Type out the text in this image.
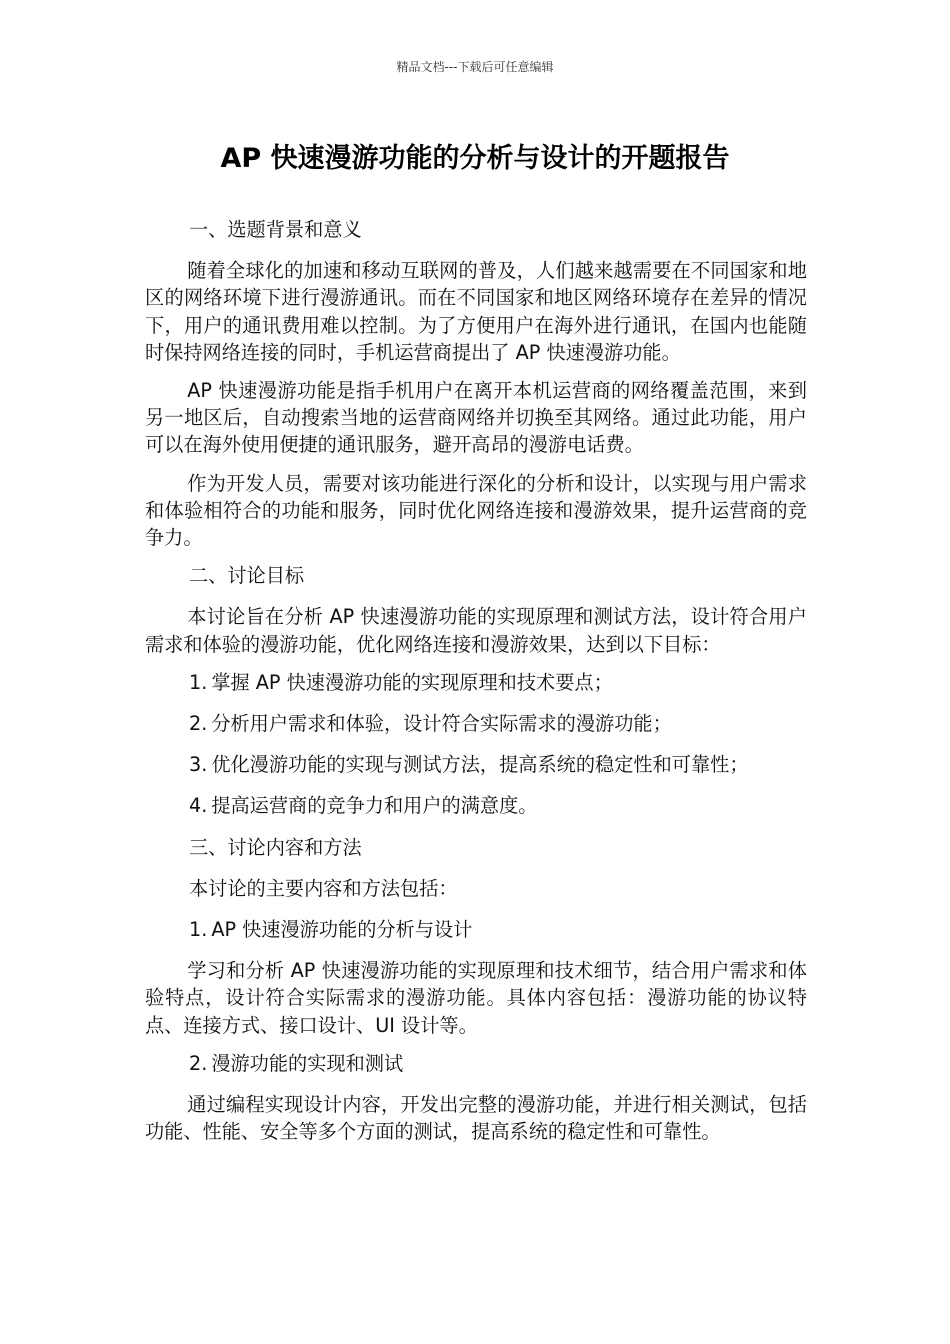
精品文档---下载后可任意编辑
AP 快速漫游功能的分析与设计的开题报告
一、选题背景和意义
随着全球化的加速和移动互联网的普及，人们越来越需要在不同国家和地区的网络环境下进行漫游通讯。而在不同国家和地区网络环境存在差异的情况下，用户的通讯费用难以控制。为了方便用户在海外进行通讯，在国内也能随时保持网络连接的同时，手机运营商提出了 AP 快速漫游功能。
AP 快速漫游功能是指手机用户在离开本机运营商的网络覆盖范围，来到另一地区后，自动搜索当地的运营商网络并切换至其网络。通过此功能，用户可以在海外使用便捷的通讯服务，避开高昂的漫游电话费。
作为开发人员，需要对该功能进行深化的分析和设计，以实现与用户需求和体验相符合的功能和服务，同时优化网络连接和漫游效果，提升运营商的竞争力。
二、讨论目标
本讨论旨在分析 AP 快速漫游功能的实现原理和测试方法，设计符合用户需求和体验的漫游功能，优化网络连接和漫游效果，达到以下目标：
1. 掌握 AP 快速漫游功能的实现原理和技术要点；
2. 分析用户需求和体验，设计符合实际需求的漫游功能；
3. 优化漫游功能的实现与测试方法，提高系统的稳定性和可靠性；
4. 提高运营商的竞争力和用户的满意度。
三、讨论内容和方法
本讨论的主要内容和方法包括：
1. AP 快速漫游功能的分析与设计
学习和分析 AP 快速漫游功能的实现原理和技术细节，结合用户需求和体验特点，设计符合实际需求的漫游功能。具体内容包括：漫游功能的协议特点、连接方式、接口设计、UI 设计等。
2. 漫游功能的实现和测试
通过编程实现设计内容，开发出完整的漫游功能，并进行相关测试，包括功能、性能、安全等多个方面的测试，提高系统的稳定性和可靠性。
